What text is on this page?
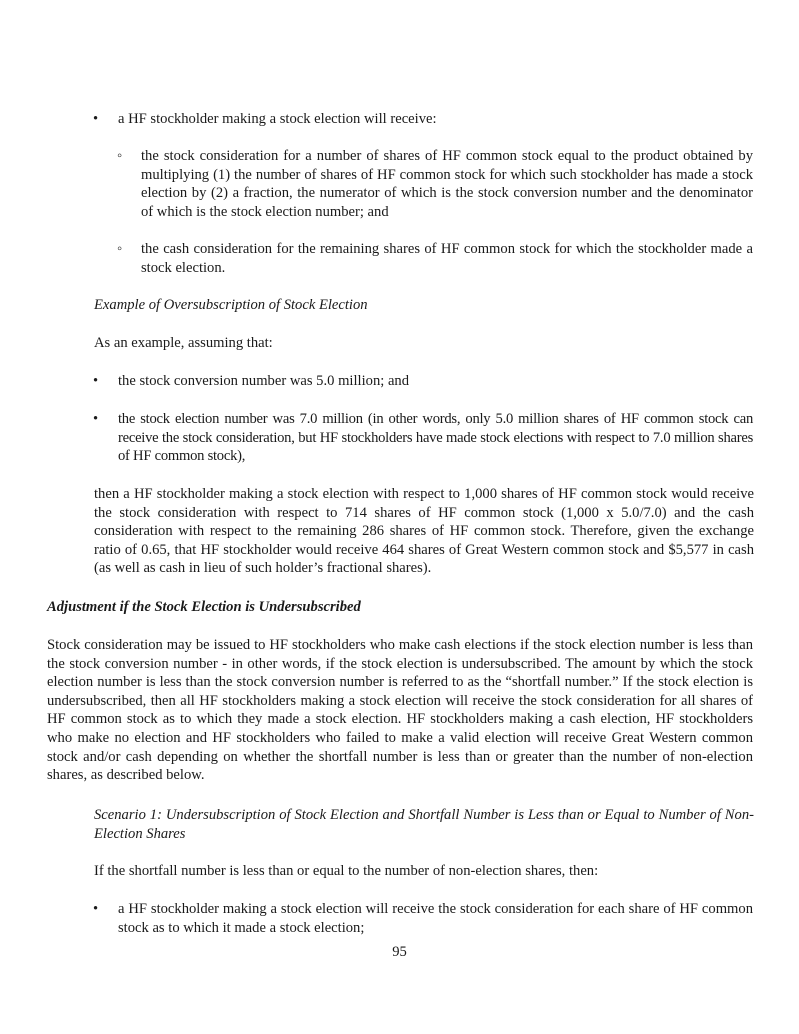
• a HF stockholder making a stock election will receive:

◦ the stock consideration for a number of shares of HF common stock equal to the product obtained by multiplying (1) the number of shares of HF common stock for which such stockholder has made a stock election by (2) a fraction, the numerator of which is the stock conversion number and the denominator of which is the stock election number; and

◦ the cash consideration for the remaining shares of HF common stock for which the stockholder made a stock election.

Example of Oversubscription of Stock Election

As an example, assuming that:

• the stock conversion number was 5.0 million; and

• the stock election number was 7.0 million (in other words, only 5.0 million shares of HF common stock can receive the stock consideration, but HF stockholders have made stock elections with respect to 7.0 million shares of HF common stock),

then a HF stockholder making a stock election with respect to 1,000 shares of HF common stock would receive the stock consideration with respect to 714 shares of HF common stock (1,000 x 5.0/7.0) and the cash consideration with respect to the remaining 286 shares of HF common stock. Therefore, given the exchange ratio of 0.65, that HF stockholder would receive 464 shares of Great Western common stock and $5,577 in cash (as well as cash in lieu of such holder’s fractional shares).

Adjustment if the Stock Election is Undersubscribed

Stock consideration may be issued to HF stockholders who make cash elections if the stock election number is less than the stock conversion number - in other words, if the stock election is undersubscribed. The amount by which the stock election number is less than the stock conversion number is referred to as the “shortfall number.” If the stock election is undersubscribed, then all HF stockholders making a stock election will receive the stock consideration for all shares of HF common stock as to which they made a stock election. HF stockholders making a cash election, HF stockholders who make no election and HF stockholders who failed to make a valid election will receive Great Western common stock and/or cash depending on whether the shortfall number is less than or greater than the number of non-election shares, as described below.

Scenario 1: Undersubscription of Stock Election and Shortfall Number is Less than or Equal to Number of Non-Election Shares

If the shortfall number is less than or equal to the number of non-election shares, then:

• a HF stockholder making a stock election will receive the stock consideration for each share of HF common stock as to which it made a stock election;

95
